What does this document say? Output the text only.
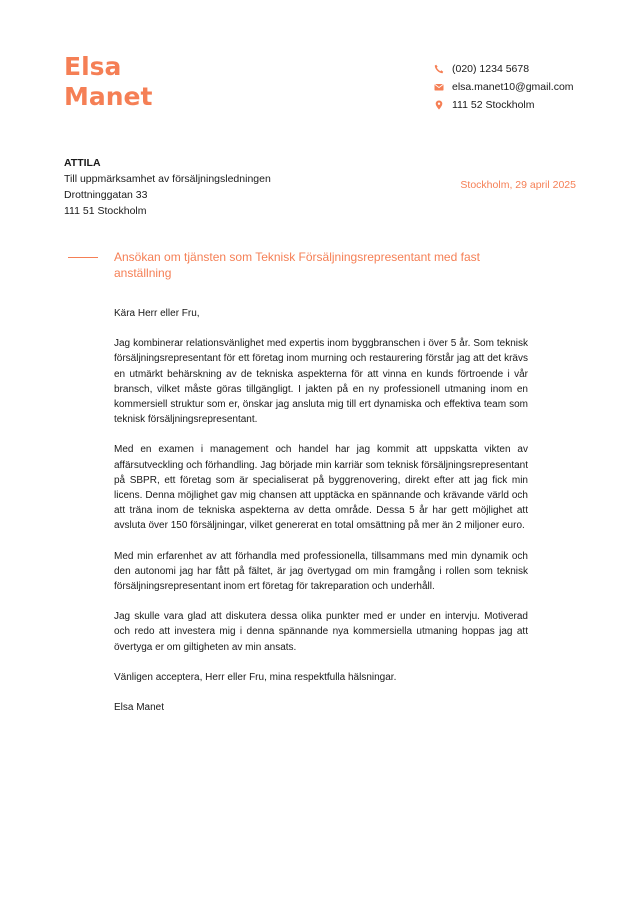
Elsa
Manet
(020) 1234 5678
elsa.manet10@gmail.com
111 52 Stockholm
ATTILA
Till uppmärksamhet av försäljningsledningen
Drottninggatan 33
111 51 Stockholm
Stockholm, 29 april 2025
Ansökan om tjänsten som Teknisk Försäljningsrepresentant med fast anställning

Kära Herr eller Fru,

Jag kombinerar relationsvänlighet med expertis inom byggbranschen i över 5 år. Som teknisk försäljningsrepresentant för ett företag inom murning och restaurering förstår jag att det krävs en utmärkt behärskning av de tekniska aspekterna för att vinna en kunds förtroende i vår bransch, vilket måste göras tillgängligt. I jakten på en ny professionell utmaning inom en kommersiell struktur som er, önskar jag ansluta mig till ert dynamiska och effektiva team som teknisk försäljningsrepresentant.

Med en examen i management och handel har jag kommit att uppskatta vikten av affärsutveckling och förhandling. Jag började min karriär som teknisk försäljningsrepresentant på SBPR, ett företag som är specialiserat på byggrenovering, direkt efter att jag fick min licens. Denna möjlighet gav mig chansen att upptäcka en spännande och krävande värld och att träna inom de tekniska aspekterna av detta område. Dessa 5 år har gett möjlighet att avsluta över 150 försäljningar, vilket genererat en total omsättning på mer än 2 miljoner euro.

Med min erfarenhet av att förhandla med professionella, tillsammans med min dynamik och den autonomi jag har fått på fältet, är jag övertygad om min framgång i rollen som teknisk försäljningsrepresentant inom ert företag för takreparation och underhåll.

Jag skulle vara glad att diskutera dessa olika punkter med er under en intervju. Motiverad och redo att investera mig i denna spännande nya kommersiella utmaning hoppas jag att övertyga er om giltigheten av min ansats.

Vänligen acceptera, Herr eller Fru, mina respektfulla hälsningar.

Elsa Manet
